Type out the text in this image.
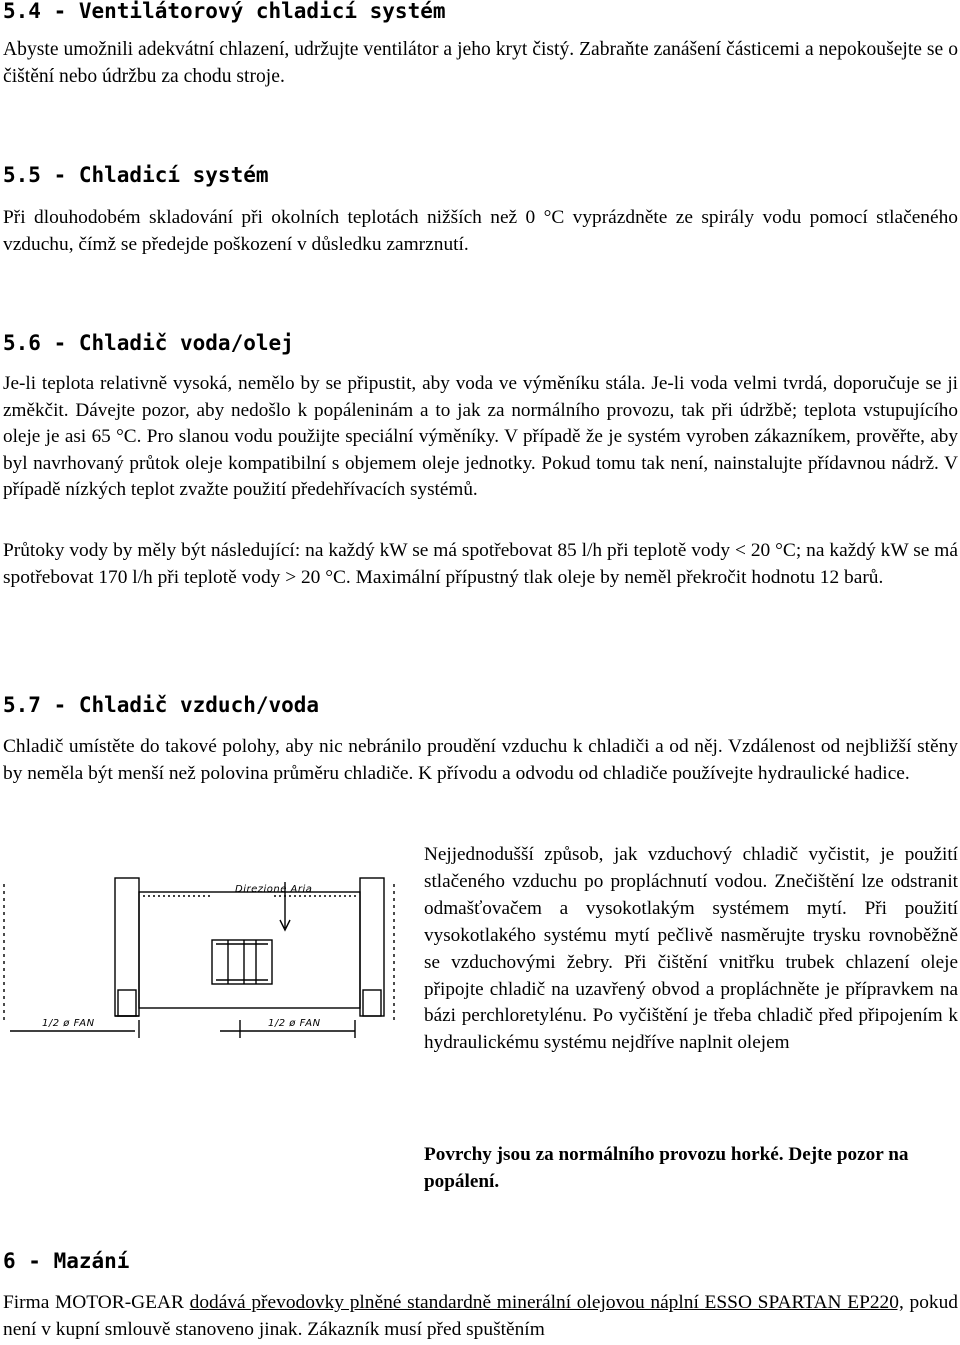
5.4 - Ventilátorový chladicí systém

Abyste umožnili adekvátní chlazení, udržujte ventilátor a jeho kryt čistý. Zabraňte zanášení částicemi a nepokoušejte se o čištění nebo údržbu za chodu stroje.

5.5 - Chladicí systém

Při dlouhodobém skladování při okolních teplotách nižších než 0 °C vyprázdněte ze spirály vodu pomocí stlačeného vzduchu, čímž se předejde poškození v důsledku zamrznutí.

5.6 - Chladič voda/olej

Je-li teplota relativně vysoká, nemělo by se připustit, aby voda ve výměníku stála. Je-li voda velmi tvrdá, doporučuje se ji změkčit. Dávejte pozor, aby nedošlo k popáleninám a to jak za normálního provozu, tak při údržbě; teplota vstupujícího oleje je asi 65 °C. Pro slanou vodu použijte speciální výměníky. V případě že je systém vyroben zákazníkem, prověřte, aby byl navrhovaný průtok oleje kompatibilní s objemem oleje jednotky. Pokud tomu tak není, nainstalujte přídavnou nádrž. V případě nízkých teplot zvažte použití předehřívacích systémů.

Průtoky vody by měly být následující: na každý kW se má spotřebovat 85 l/h při teplotě vody < 20 °C; na každý kW se má spotřebovat 170 l/h při teplotě vody > 20 °C. Maximální přípustný tlak oleje by neměl překročit hodnotu 12 barů.

5.7 - Chladič vzduch/voda

Chladič umístěte do takové polohy, aby nic nebránilo proudění vzduchu k chladiči a od něj. Vzdálenost od nejbližší stěny by neměla být menší než polovina průměru chladiče. K přívodu a odvodu od chladiče používejte hydraulické hadice.

Direzione Aria
1/2 ø FAN	1/2 ø FAN

Nejjednodušší způsob, jak vzduchový chladič vyčistit, je použití stlačeného vzduchu po propláchnutí vodou. Znečištění lze odstranit odmašťovačem a vysokotlakým systémem mytí. Při použití vysokotlakého systému mytí pečlivě nasměrujte trysku rovnoběžně se vzduchovými žebry. Při čištění vnitřku trubek chlazení oleje připojte chladič na uzavřený obvod a propláchněte je přípravkem na bázi perchloretylénu. Po vyčištění je třeba chladič před připojením k hydraulickému systému nejdříve naplnit olejem

Povrchy jsou za normálního provozu horké. Dejte pozor na popálení.

6 - Mazání

Firma MOTOR-GEAR dodává převodovky plněné standardně minerální olejovou náplní ESSO SPARTAN EP220, pokud není v kupní smlouvě stanoveno jinak. Zákazník musí před spuštěním
